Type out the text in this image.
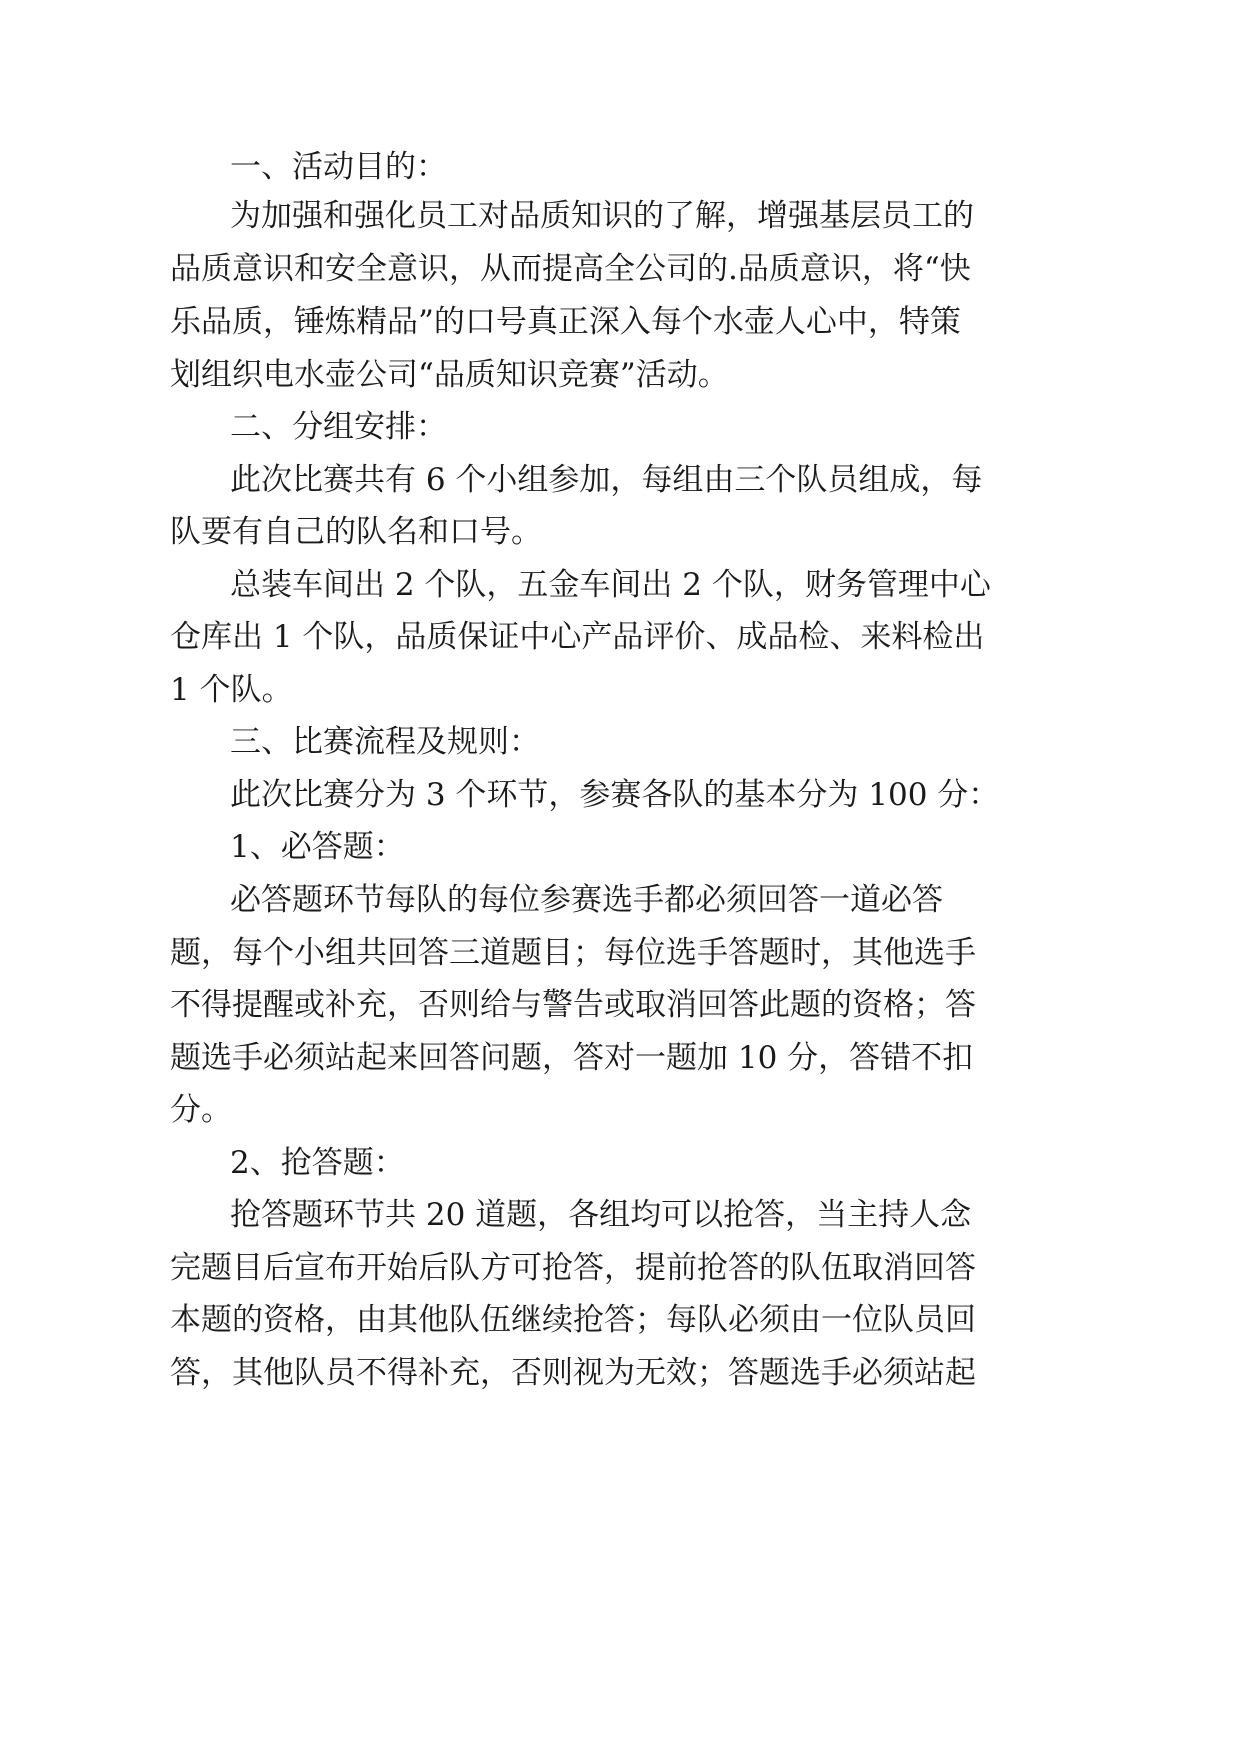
一、活动目的：

为加强和强化员工对品质知识的了解，增强基层员工的

品质意识和安全意识，从而提高全公司的.品质意识，将“快

乐品质，锤炼精品”的口号真正深入每个水壶人心中，特策

划组织电水壶公司“品质知识竞赛”活动。

二、分组安排：

此次比赛共有 6 个小组参加，每组由三个队员组成，每

队要有自己的队名和口号。

总装车间出 2 个队，五金车间出 2 个队，财务管理中心

仓库出 1 个队，品质保证中心产品评价、成品检、来料检出

1 个队。

三、比赛流程及规则：

此次比赛分为 3 个环节，参赛各队的基本分为 100 分：

1、必答题：

必答题环节每队的每位参赛选手都必须回答一道必答

题，每个小组共回答三道题目；每位选手答题时，其他选手

不得提醒或补充，否则给与警告或取消回答此题的资格；答

题选手必须站起来回答问题，答对一题加 10 分，答错不扣

分。

2、抢答题：

抢答题环节共 20 道题，各组均可以抢答，当主持人念

完题目后宣布开始后队方可抢答，提前抢答的队伍取消回答

本题的资格，由其他队伍继续抢答；每队必须由一位队员回

答，其他队员不得补充，否则视为无效；答题选手必须站起
